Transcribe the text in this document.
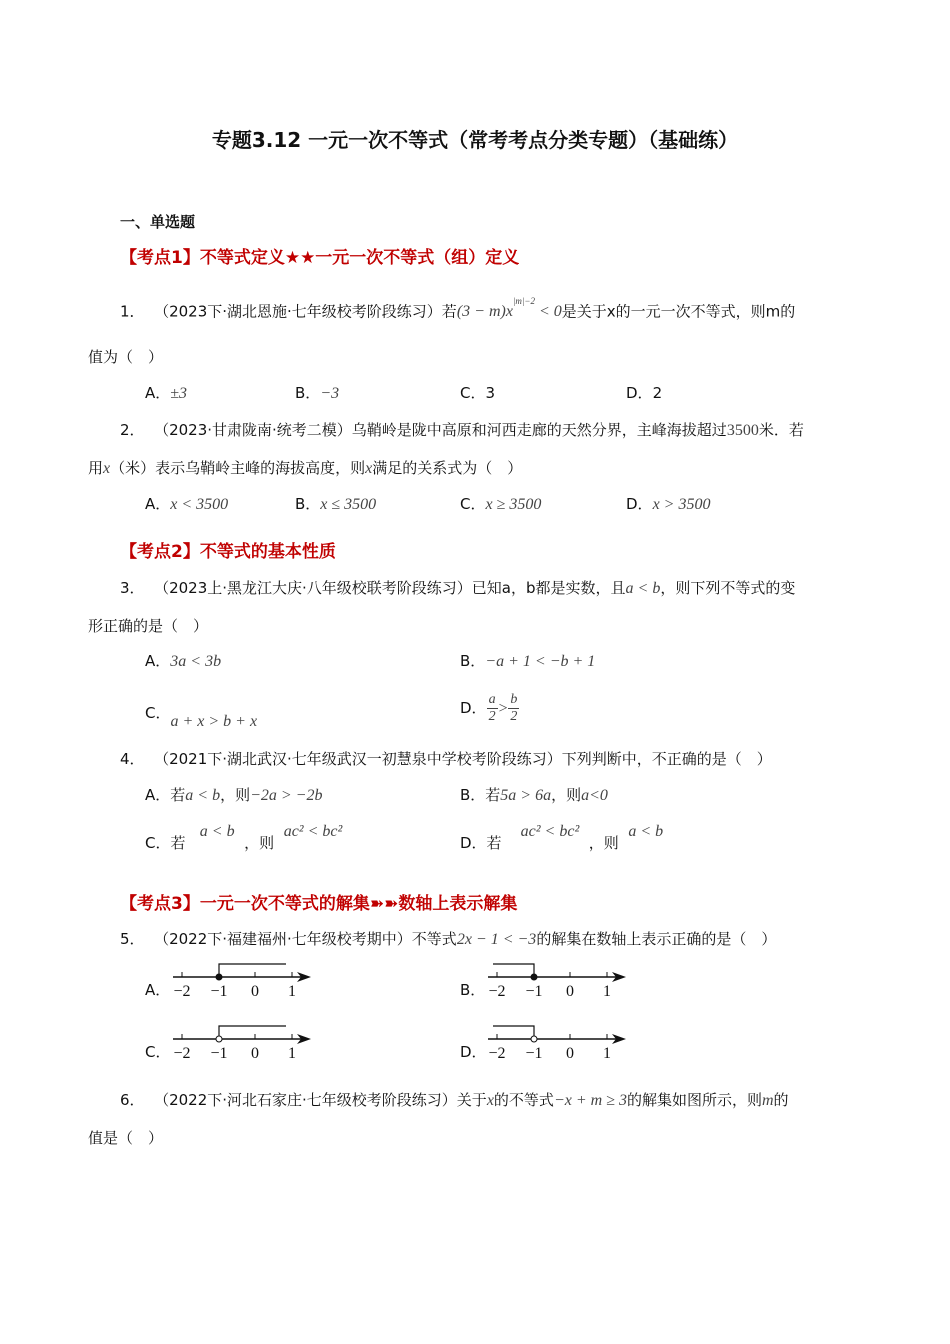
专题3.12 一元一次不等式（常考考点分类专题）（基础练）
一、单选题
【考点1】不等式定义★★一元一次不等式（组）定义
1． （2023下·湖北恩施·七年级校考阶段练习）若$(3 - m)x^{|m|-2} < 0$是关于x的一元一次不等式，则m的
值为（　）
A．±3	B．−3	C．3	D．2
2． （2023·甘肃陇南·统考二模）乌鞘岭是陇中高原和河西走廊的天然分界，主峰海拔超过3500米．若
用x（米）表示乌鞘岭主峰的海拔高度，则x满足的关系式为（　）
A．x < 3500	B．x ≤ 3500	C．x ≥ 3500	D．x > 3500
【考点2】不等式的基本性质
3． （2023上·黑龙江大庆·八年级校联考阶段练习）已知a，b都是实数，且a < b，则下列不等式的变
形正确的是（　）
A．3a < 3b	B．−a + 1 < −b + 1
C．a + x > b + x
D． $\frac{a}{2} > \frac{b}{2}$
4． （2021下·湖北武汉·七年级武汉一初慧泉中学校考阶段练习）下列判断中，不正确的是（　）
A．若a < b，则−2a > −2b	B．若5a > 6a，则a<0
C．若   a < b  ，则  ac² < bc²
D．若    ac² < bc²  ，则  a < b
【考点3】一元一次不等式的解集➽➽数轴上表示解集
5． （2022下·福建福州·七年级校考期中）不等式2x − 1 < −3的解集在数轴上表示正确的是（　）
A．	B．
C．	D．
−2 −1 0 1	−2 −1 0 1
−2 −1 0 1	−2 −1 0 1
6． （2022下·河北石家庄·七年级校考阶段练习）关于x的不等式−x + m ≥ 3的解集如图所示，则m的
值是（　）
